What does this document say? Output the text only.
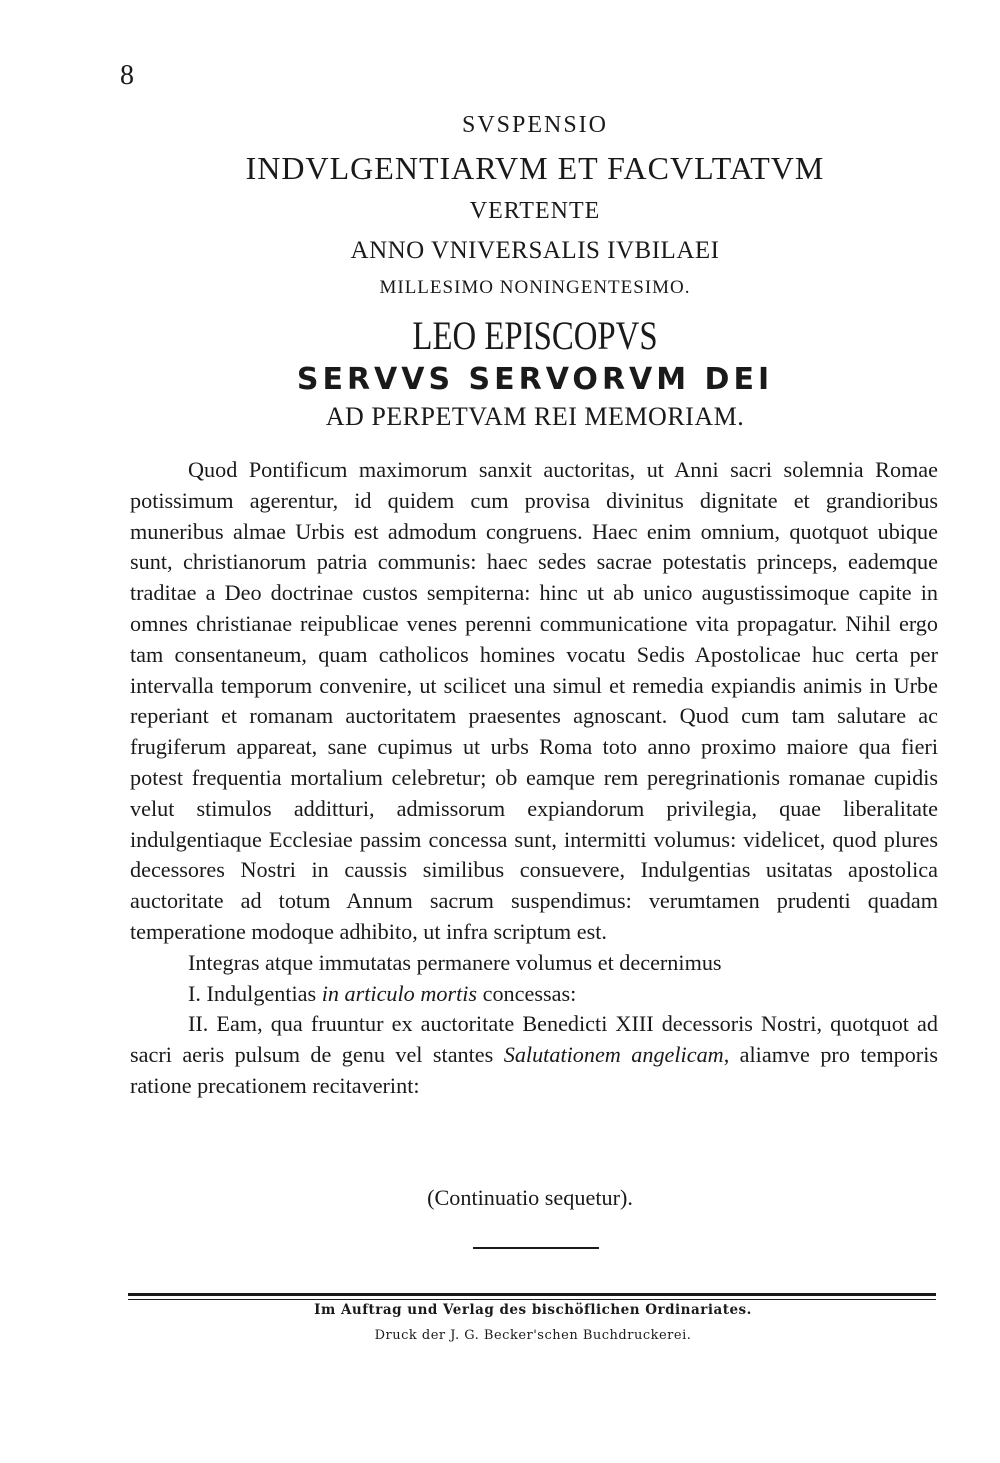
8
SVSPENSIO
INDVLGENTIARVM ET FACVLTATVM
VERTENTE
ANNO VNIVERSALIS IVBILAEI
MILLESIMO NONINGENTESIMO.
LEO EPISCOPVS
SERVVS SERVORVM DEI
AD PERPETVAM REI MEMORIAM.

Quod Pontificum maximorum sanxit auctoritas, ut Anni sacri solemnia Romae potissimum agerentur, id quidem cum provisa divinitus dignitate et grandioribus muneribus almae Urbis est admodum congruens. Haec enim omnium, quotquot ubique sunt, christianorum patria communis: haec sedes sacrae potestatis princeps, eademque traditae a Deo doctrinae custos sempiterna: hinc ut ab unico augustissimoque capite in omnes christianae reipublicae venes perenni communicatione vita propagatur. Nihil ergo tam consentaneum, quam catholicos homines vocatu Sedis Apostolicae huc certa per intervalla temporum convenire, ut scilicet una simul et remedia expiandis animis in Urbe reperiant et romanam auctoritatem praesentes agnoscant. Quod cum tam salutare ac frugiferum appareat, sane cupimus ut urbs Roma toto anno proximo maiore qua fieri potest frequentia mortalium celebretur; ob eamque rem peregrinationis romanae cupidis velut stimulos additturi, admissorum expiandorum privilegia, quae liberalitate indulgentiaque Ecclesiae passim concessa sunt, intermitti volumus: videlicet, quod plures decessores Nostri in caussis similibus consuevere, Indulgentias usitatas apostolica auctoritate ad totum Annum sacrum suspendimus: verumtamen prudenti quadam temperatione modoque adhibito, ut infra scriptum est.

Integras atque immutatas permanere volumus et decernimus

I. Indulgentias in articulo mortis concessas:

II. Eam, qua fruuntur ex auctoritate Benedicti XIII decessoris Nostri, quotquot ad sacri aeris pulsum de genu vel stantes Salutationem angelicam, aliamve pro temporis ratione precationem recitaverint:

(Continuatio sequetur).
Im Auftrag und Verlag des bischöflichen Ordinariates.
Druck der J. G. Becker'schen Buchdruckerei.
